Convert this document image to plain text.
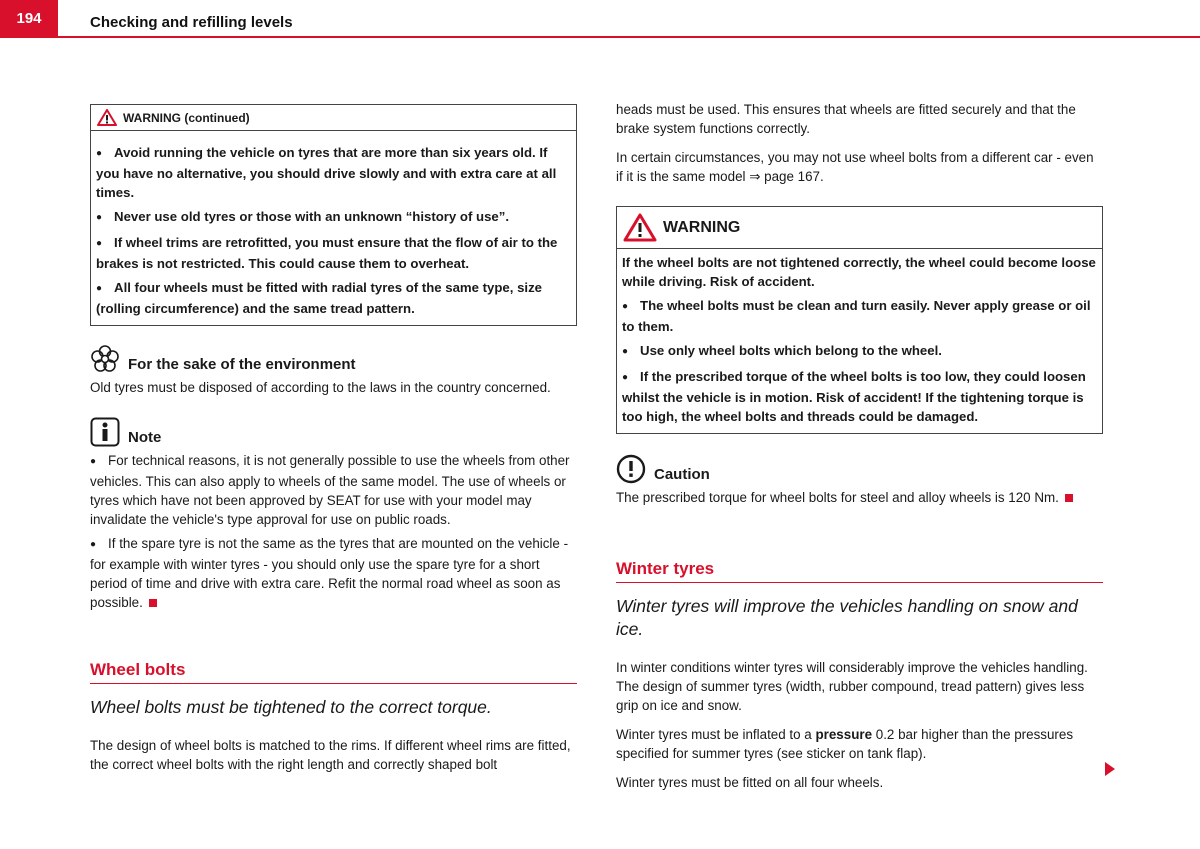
194	Checking and refilling levels
WARNING (continued)

● Avoid running the vehicle on tyres that are more than six years old. If you have no alternative, you should drive slowly and with extra care at all times.

● Never use old tyres or those with an unknown “history of use”.

● If wheel trims are retrofitted, you must ensure that the flow of air to the brakes is not restricted. This could cause them to overheat.

● All four wheels must be fitted with radial tyres of the same type, size (rolling circumference) and the same tread pattern.

For the sake of the environment

Old tyres must be disposed of according to the laws in the country concerned.

Note

● For technical reasons, it is not generally possible to use the wheels from other vehicles. This can also apply to wheels of the same model. The use of wheels or tyres which have not been approved by SEAT for use with your model may invalidate the vehicle's type approval for use on public roads.

● If the spare tyre is not the same as the tyres that are mounted on the vehicle - for example with winter tyres - you should only use the spare tyre for a short period of time and drive with extra care. Refit the normal road wheel as soon as possible.

Wheel bolts
Wheel bolts must be tightened to the correct torque.

The design of wheel bolts is matched to the rims. If different wheel rims are fitted, the correct wheel bolts with the right length and correctly shaped bolt

heads must be used. This ensures that wheels are fitted securely and that the brake system functions correctly.

In certain circumstances, you may not use wheel bolts from a different car - even if it is the same model ⇒ page 167.

WARNING

If the wheel bolts are not tightened correctly, the wheel could become loose while driving. Risk of accident.

● The wheel bolts must be clean and turn easily. Never apply grease or oil to them.

● Use only wheel bolts which belong to the wheel.

● If the prescribed torque of the wheel bolts is too low, they could loosen whilst the vehicle is in motion. Risk of accident! If the tightening torque is too high, the wheel bolts and threads could be damaged.

Caution

The prescribed torque for wheel bolts for steel and alloy wheels is 120 Nm.

Winter tyres
Winter tyres will improve the vehicles handling on snow and ice.

In winter conditions winter tyres will considerably improve the vehicles handling. The design of summer tyres (width, rubber compound, tread pattern) gives less grip on ice and snow.

Winter tyres must be inflated to a pressure 0.2 bar higher than the pressures specified for summer tyres (see sticker on tank flap).

Winter tyres must be fitted on all four wheels.
